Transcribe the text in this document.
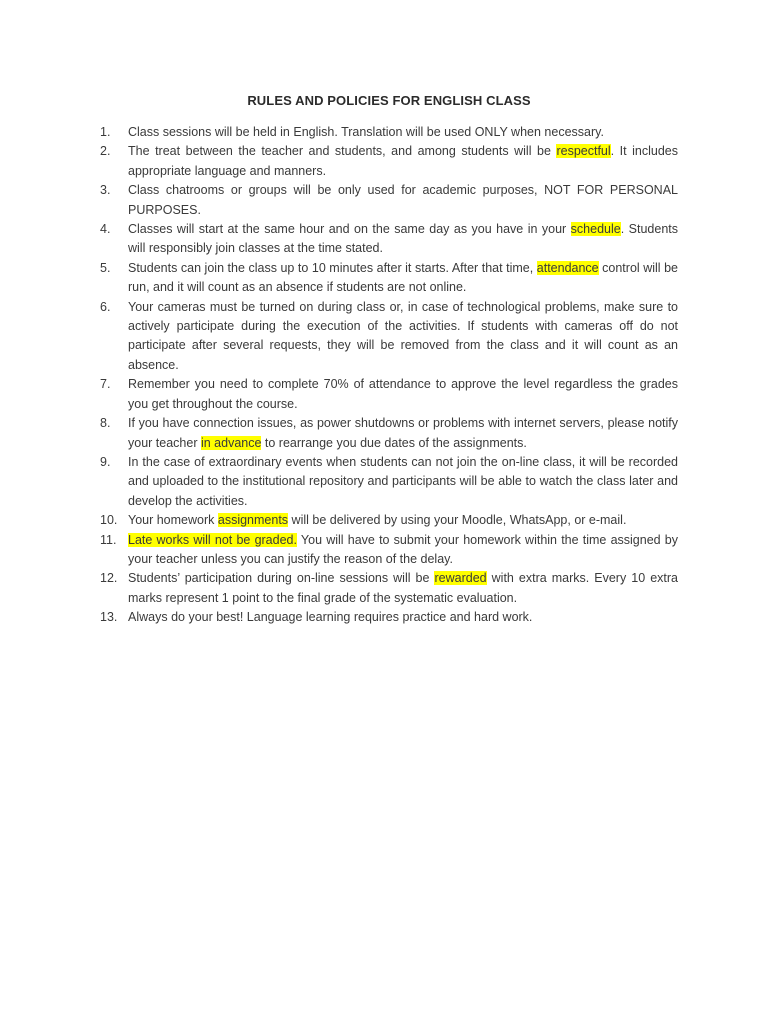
RULES AND POLICIES FOR ENGLISH CLASS
1.	Class sessions will be held in English. Translation will be used ONLY when necessary.
2.	The treat between the teacher and students, and among students will be respectful. It includes appropriate language and manners.
3.	Class chatrooms or groups will be only used for academic purposes, NOT FOR PERSONAL PURPOSES.
4.	Classes will start at the same hour and on the same day as you have in your schedule. Students will responsibly join classes at the time stated.
5.	Students can join the class up to 10 minutes after it starts. After that time, attendance control will be run, and it will count as an absence if students are not online.
6.	Your cameras must be turned on during class or, in case of technological problems, make sure to actively participate during the execution of the activities. If students with cameras off do not participate after several requests, they will be removed from the class and it will count as an absence.
7.	Remember you need to complete 70% of attendance to approve the level regardless the grades you get throughout the course.
8.	If you have connection issues, as power shutdowns or problems with internet servers, please notify your teacher in advance to rearrange you due dates of the assignments.
9.	In the case of extraordinary events when students can not join the on-line class, it will be recorded and uploaded to the institutional repository and participants will be able to watch the class later and develop the activities.
10. Your homework assignments will be delivered by using your Moodle, WhatsApp, or e-mail.
11. Late works will not be graded. You will have to submit your homework within the time assigned by your teacher unless you can justify the reason of the delay.
12. Students’ participation during on-line sessions will be rewarded with extra marks. Every 10 extra marks represent 1 point to the final grade of the systematic evaluation.
13. Always do your best! Language learning requires practice and hard work.
